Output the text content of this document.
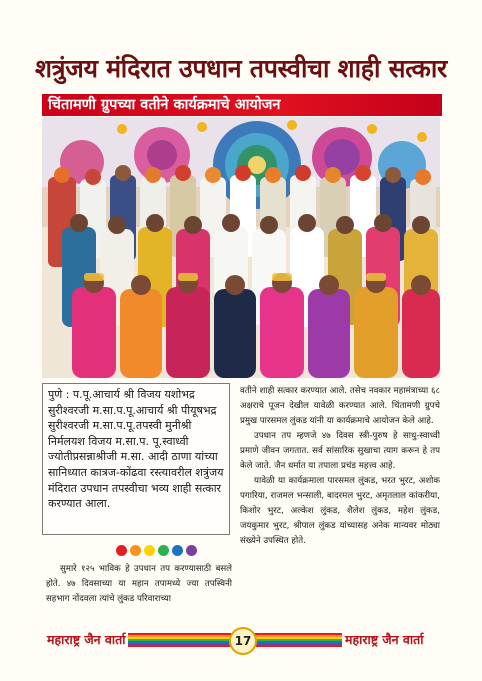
शत्रुंजय मंदिरात उपधान तपस्वीचा शाही सत्कार
चिंतामणी ग्रुपच्या वतीने कार्यक्रमाचे आयोजन

पुणे : प.पू.आचार्य श्री विजय यशोभद्र सुरीश्वरजी म.सा.प.पू.आचार्य श्री पीयूषभद्र सुरीश्वरजी म.सा.प.पू.तपस्वी मुनीश्री निर्मलयश विजय म.सा.प. पू.स्वाध्वी ज्योतीप्रसन्नाश्रीजी म.सा. आदी ठाणा यांच्या सानिध्यात कात्रज-कोंढवा रस्त्यावरील शत्रुंजय मंदिरात उपधान तपस्वीचा भव्य शाही सत्कार करण्यात आला.

सुमारे १२५ भाविक हे उपधान तप करण्यासाठी बसले होते. ४७ दिवसाच्या या महान तपामध्ये ज्या तपस्विनी सहभाग नोंदवला त्यांचे लुंकड परिवाराच्या

वतीने शाही सत्कार करण्यात आले. तसेच नवकार महामंत्राच्या ६८ अक्षराचे पूजन देखील यावेळी करण्यात आले. चिंतामणी ग्रुपचे प्रमुख पारसमल लुंकड यांनी या कार्यक्रमाचे आयोजन केले आहे.

उपधान तप म्हणजे ४७ दिवस स्त्री-पुरुष हे साधु-स्वाध्वी प्रमाणे जीवन जगतात. सर्व सांसारिक सुखाचा त्याग करून हे तप केले जाते. जैन धर्मात या तपाला प्रचंड महत्त्व आहे.

यावेळी या कार्यक्रमाला पारसमल लुंकड, भरत भुरट, अशोक पगारिया, राजमल भन्साली, बादरमल भुरट, अमृतलाल कांकरीया, किशोर भुरट, अल्केश लुंकड, शैलेश लुंकड, महेश लुंकड, जयकुमार भुरट, श्रीपाल लुंकड यांच्यासह अनेक मान्यवर मोठ्या संख्येने उपस्थित होते.

महाराष्ट्र जैन वार्ता	महाराष्ट्र जैन वार्ता
17
